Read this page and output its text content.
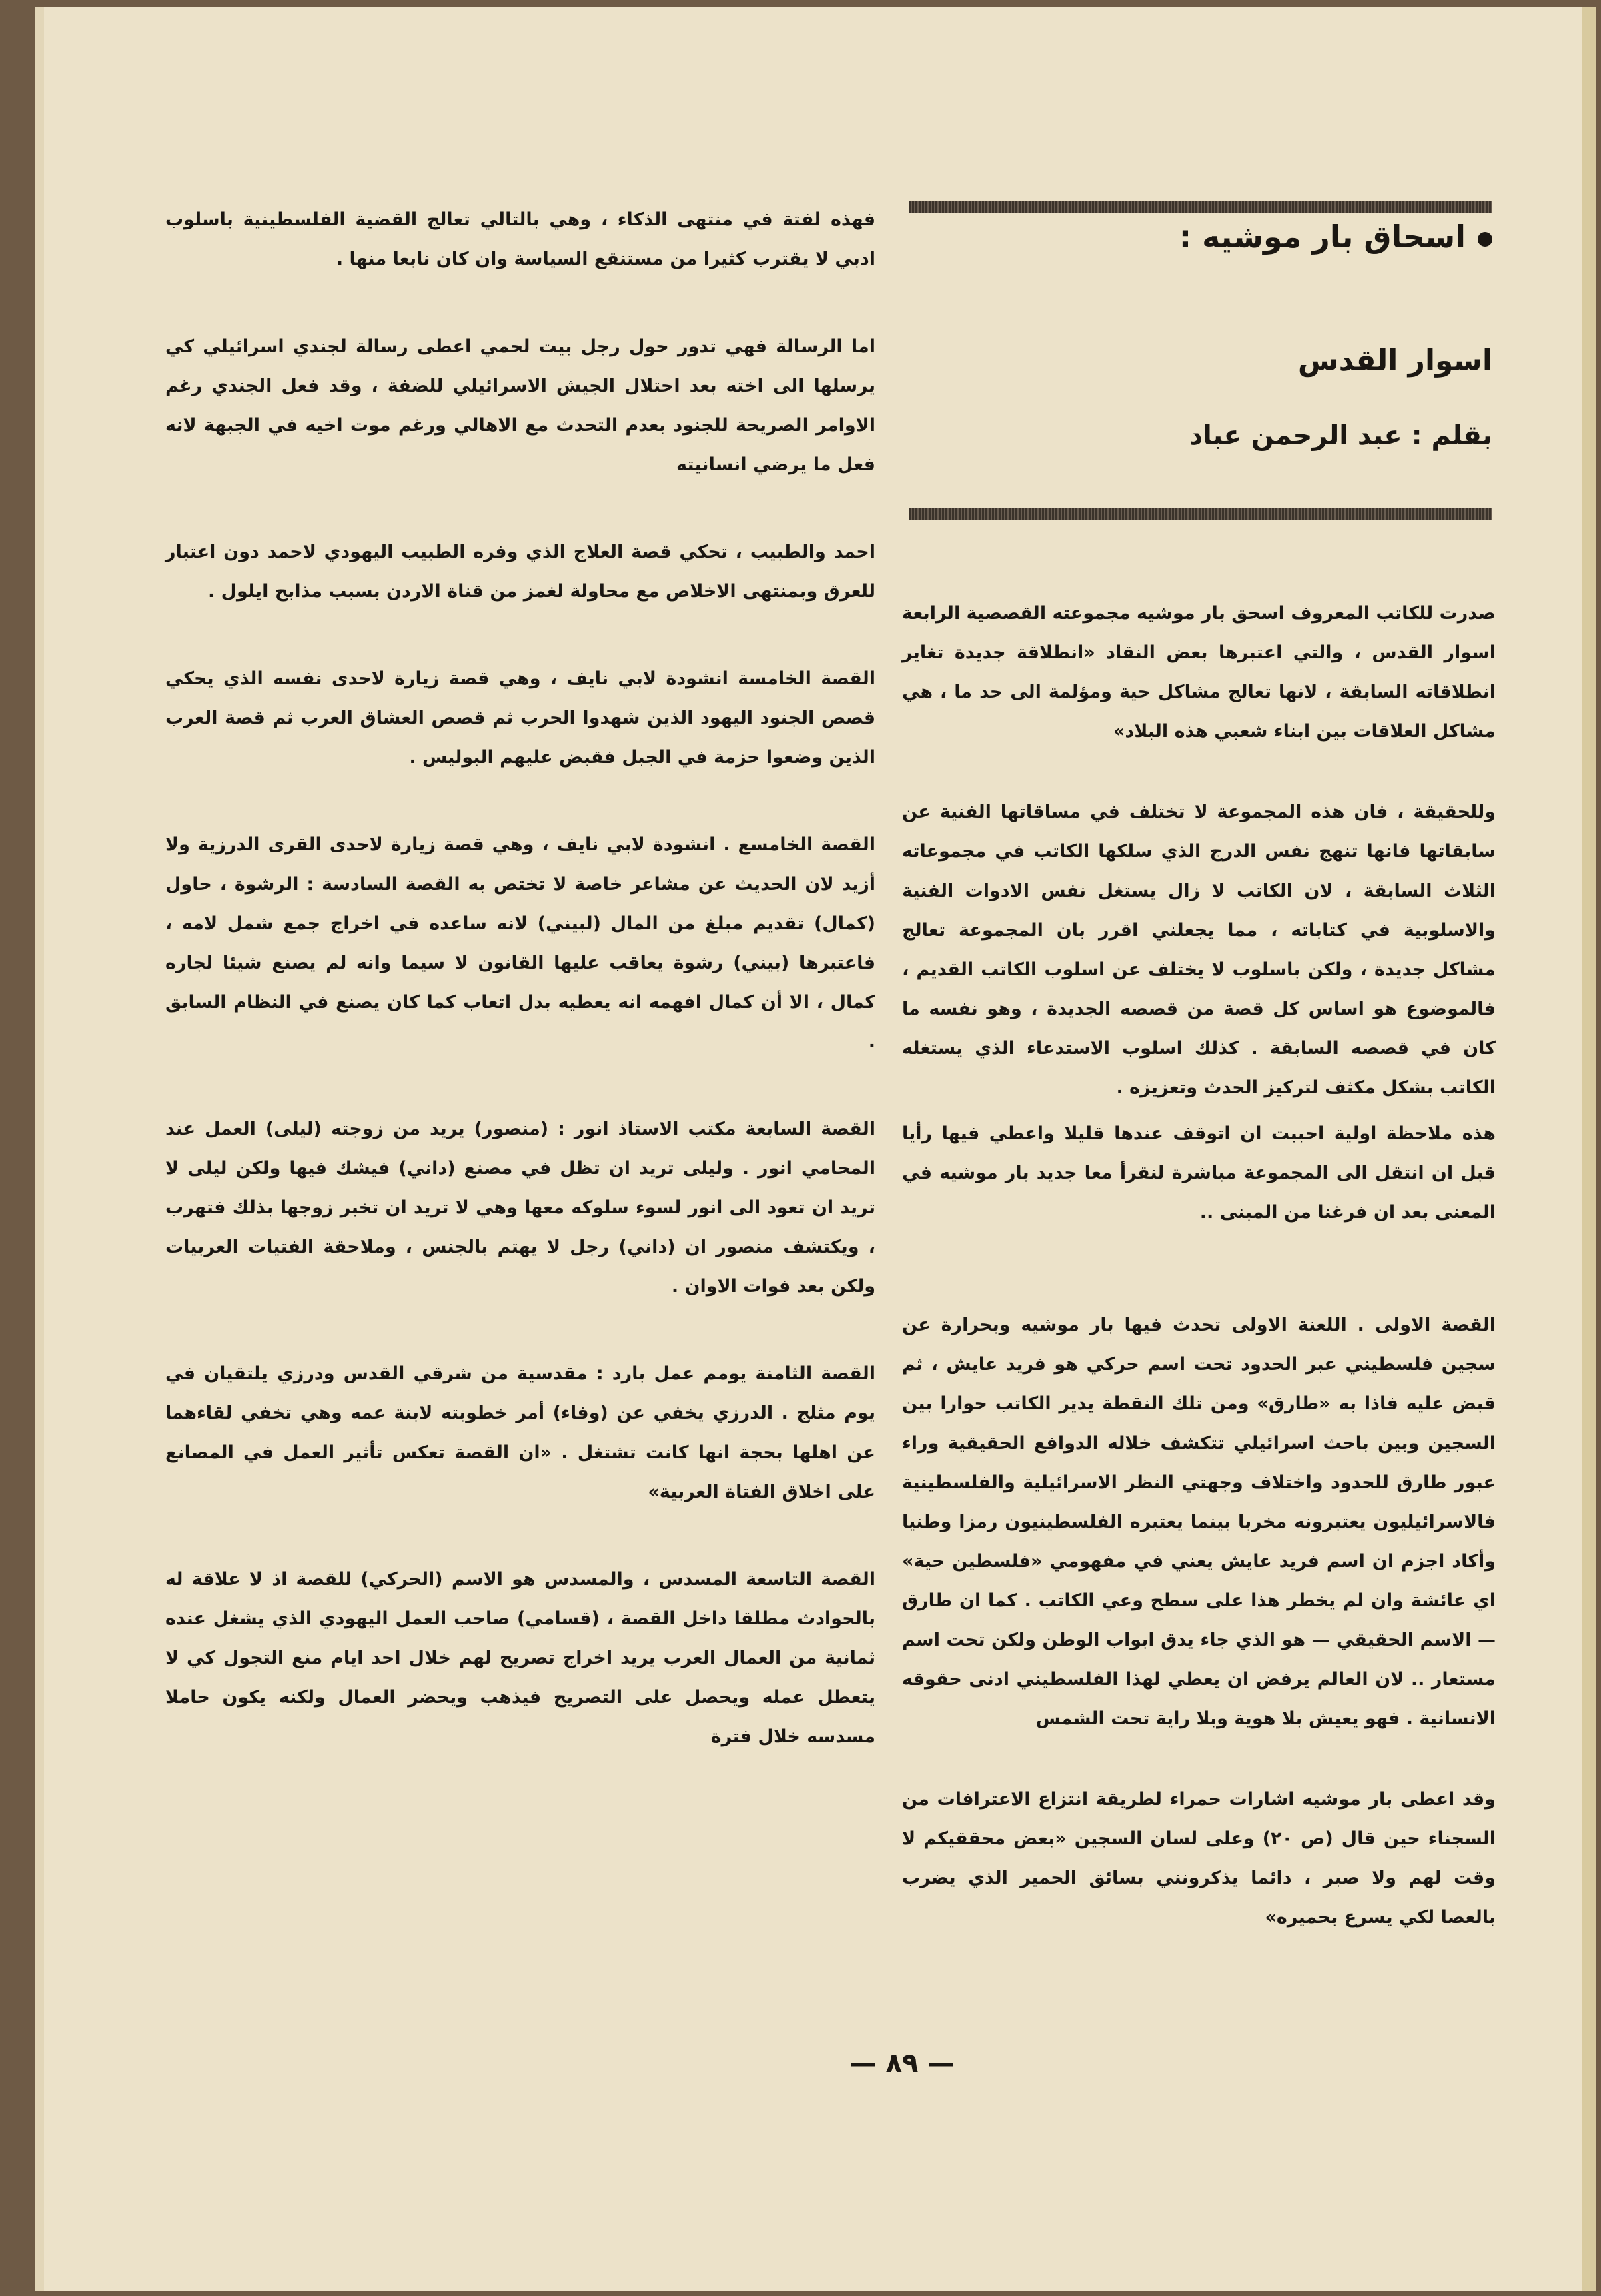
اسحاق بار موشيه :
اسوار القدس
بقلم : عبد الرحمن عباد

صدرت للكاتب المعروف اسحق بار موشيه مجموعته القصصية الرابعة اسوار القدس ، والتي اعتبرها بعض النقاد «انطلاقة جديدة تغاير انطلاقاته السابقة ، لانها تعالج مشاكل حية ومؤلمة الى حد ما ، هي مشاكل العلاقات بين ابناء شعبي هذه البلاد»

وللحقيقة ، فان هذه المجموعة لا تختلف في مساقاتها الفنية عن سابقاتها فانها تنهج نفس الدرج الذي سلكها الكاتب في مجموعاته الثلاث السابقة ، لان الكاتب لا زال يستغل نفس الادوات الفنية والاسلوبية في كتاباته ، مما يجعلني اقرر بان المجموعة تعالج مشاكل جديدة ، ولكن باسلوب لا يختلف عن اسلوب الكاتب القديم ، فالموضوع هو اساس كل قصة من قصصه الجديدة ، وهو نفسه ما كان في قصصه السابقة . كذلك اسلوب الاستدعاء الذي يستغله الكاتب بشكل مكثف لتركيز الحدث وتعزيزه .

هذه ملاحظة اولية احببت ان اتوقف عندها قليلا واعطي فيها رأيا قبل ان انتقل الى المجموعة مباشرة لنقرأ معا جديد بار موشيه في المعنى بعد ان فرغنا من المبنى ..

القصة الاولى . اللعنة الاولى تحدث فيها بار موشيه وبحرارة عن سجين فلسطيني عبر الحدود تحت اسم حركي هو فريد عايش ، ثم قبض عليه فاذا به «طارق» ومن تلك النقطة يدير الكاتب حوارا بين السجين وبين باحث اسرائيلي تتكشف خلاله الدوافع الحقيقية وراء عبور طارق للحدود واختلاف وجهتي النظر الاسرائيلية والفلسطينية فالاسرائيليون يعتبرونه مخربا بينما يعتبره الفلسطينيون رمزا وطنيا وأكاد اجزم ان اسم فريد عايش يعني في مفهومي «فلسطين حية» اي عائشة وان لم يخطر هذا على سطح وعي الكاتب . كما ان طارق — الاسم الحقيقي — هو الذي جاء يدق ابواب الوطن ولكن تحت اسم مستعار .. لان العالم يرفض ان يعطي لهذا الفلسطيني ادنى حقوقه الانسانية . فهو يعيش بلا هوية وبلا راية تحت الشمس

وقد اعطى بار موشيه اشارات حمراء لطريقة انتزاع الاعترافات من السجناء حين قال (ص ٢٠) وعلى لسان السجين «بعض محققيكم لا وقت لهم ولا صبر ، دائما يذكرونني بسائق الحمير الذي يضرب بالعصا لكي يسرع بحميره»

فهذه لفتة في منتهى الذكاء ، وهي بالتالي تعالج القضية الفلسطينية باسلوب ادبي لا يقترب كثيرا من مستنقع السياسة وان كان نابعا منها .

اما الرسالة فهي تدور حول رجل بيت لحمي اعطى رسالة لجندي اسرائيلي كي يرسلها الى اخته بعد احتلال الجيش الاسرائيلي للضفة ، وقد فعل الجندي رغم الاوامر الصريحة للجنود بعدم التحدث مع الاهالي ورغم موت اخيه في الجبهة لانه فعل ما يرضي انسانيته

احمد والطبيب ، تحكي قصة العلاج الذي وفره الطبيب اليهودي لاحمد دون اعتبار للعرق وبمنتهى الاخلاص مع محاولة لغمز من قناة الاردن بسبب مذابح ايلول .

القصة الخامسة انشودة لابي نايف ، وهي قصة زيارة لاحدى نفسه الذي يحكي قصص الجنود اليهود الذين شهدوا الحرب ثم قصص العشاق العرب ثم قصة العرب الذين وضعوا حزمة في الجبل فقبض عليهم البوليس .

القصة الخامسع . انشودة لابي نايف ، وهي قصة زيارة لاحدى القرى الدرزية ولا أزيد لان الحديث عن مشاعر خاصة لا تختص به القصة السادسة : الرشوة ، حاول (كمال) تقديم مبلغ من المال (لبيني) لانه ساعده في اخراج جمع شمل لامه ، فاعتبرها (بيني) رشوة يعاقب عليها القانون لا سيما وانه لم يصنع شيئا لجاره كمال ، الا أن كمال افهمه انه يعطيه بدل اتعاب كما كان يصنع في النظام السابق .

القصة السابعة مكتب الاستاذ انور : (منصور) يريد من زوجته (ليلى) العمل عند المحامي انور . وليلى تريد ان تظل في مصنع (داني) فيشك فيها ولكن ليلى لا تريد ان تعود الى انور لسوء سلوكه معها وهي لا تريد ان تخبر زوجها بذلك فتهرب ، ويكتشف منصور ان (داني) رجل لا يهتم بالجنس ، وملاحقة الفتيات العربيات ولكن بعد فوات الاوان .

القصة الثامنة يومم عمل بارد : مقدسية من شرقي القدس ودرزي يلتقيان في يوم مثلج . الدرزي يخفي عن (وفاء) أمر خطوبته لابنة عمه وهي تخفي لقاءهما عن اهلها بحجة انها كانت تشتغل . «ان القصة تعكس تأثير العمل في المصانع على اخلاق الفتاة العربية»

القصة التاسعة المسدس ، والمسدس هو الاسم (الحركي) للقصة اذ لا علاقة له بالحوادث مطلقا داخل القصة ، (قسامي) صاحب العمل اليهودي الذي يشغل عنده ثمانية من العمال العرب يريد اخراج تصريح لهم خلال احد ايام منع التجول كي لا يتعطل عمله ويحصل على التصريح فيذهب ويحضر العمال ولكنه يكون حاملا مسدسه خلال فترة

— ٨٩ —
